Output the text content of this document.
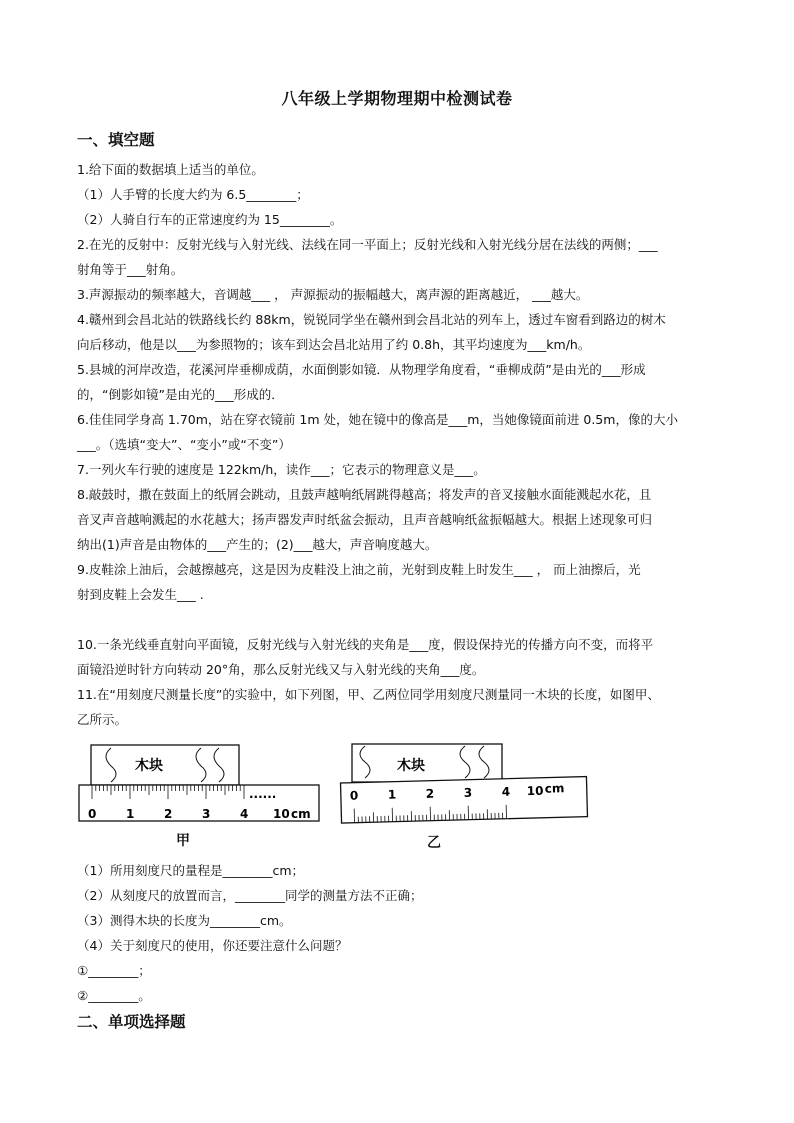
八年级上学期物理期中检测试卷
一、填空题
1.给下面的数据填上适当的单位。
（1）人手臂的长度大约为 6.5________；
（2）人骑自行车的正常速度约为 15________。
2.在光的反射中：反射光线与入射光线、法线在同一平面上；反射光线和入射光线分居在法线的两侧；___
射角等于___射角。
3.声源振动的频率越大，音调越___ ， 声源振动的振幅越大，离声源的距离越近， ___越大。
4.赣州到会昌北站的铁路线长约 88km，锐锐同学坐在赣州到会昌北站的列车上，透过车窗看到路边的树木
向后移动，他是以___为参照物的；该车到达会昌北站用了约 0.8h，其平均速度为___km/h。
5.县城的河岸改造，花溪河岸垂柳成荫，水面倒影如镜．从物理学角度看，“垂柳成荫”是由光的___形成
的，“倒影如镜”是由光的___形成的．
6.佳佳同学身高 1.70m，站在穿衣镜前 1m 处，她在镜中的像高是___m，当她像镜面前进 0.5m，像的大小
___。（选填“变大”、“变小”或“不变”）
7.一列火车行驶的速度是 122km/h，读作___；它表示的物理意义是___。
8.敲鼓时，撒在鼓面上的纸屑会跳动，且鼓声越响纸屑跳得越高；将发声的音叉接触水面能溅起水花，且
音叉声音越响溅起的水花越大；扬声器发声时纸盆会振动，且声音越响纸盆振幅越大。根据上述现象可归
纳出(1)声音是由物体的___产生的；(2)___越大，声音响度越大。
9.皮鞋涂上油后，会越擦越亮，这是因为皮鞋没上油之前，光射到皮鞋上时发生___ ， 而上油擦后，光
射到皮鞋上会发生___ .
10.一条光线垂直射向平面镜，反射光线与入射光线的夹角是___度，假设保持光的传播方向不变，而将平
面镜沿逆时针方向转动 20°角，那么反射光线又与入射光线的夹角___度。
11.在“用刻度尺测量长度”的实验中，如下列图，甲、乙两位同学用刻度尺测量同一木块的长度，如图甲、
乙所示。
木块
0 1 2 3 4
......
10 cm
甲
木块
0 1 2 3 4 10 cm
乙
（1）所用刻度尺的量程是________cm；
（2）从刻度尺的放置而言，________同学的测量方法不正确；
（3）测得木块的长度为________cm。
（4）关于刻度尺的使用，你还要注意什么问题？
①________；
②________。
二、单项选择题
